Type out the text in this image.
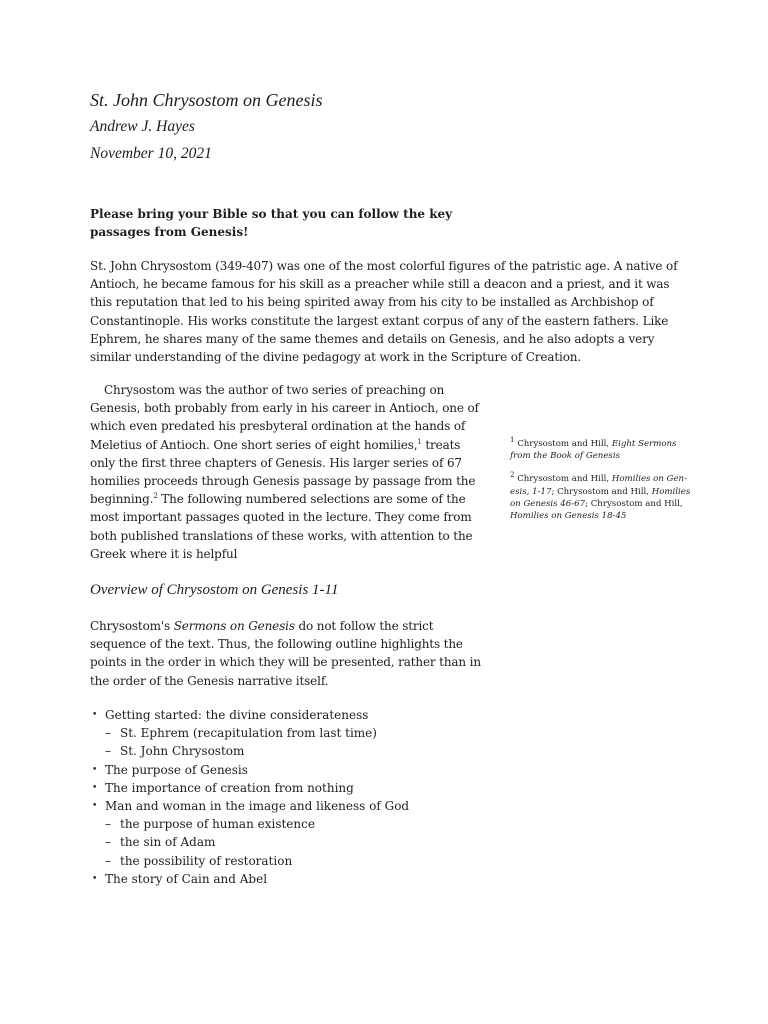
St. John Chrysostom on Genesis
Andrew J. Hayes
November 10, 2021
Please bring your Bible so that you can follow the key passages from Genesis!
St. John Chrysostom (349-407) was one of the most colorful figures of the patristic age. A native of Antioch, he became famous for his skill as a preacher while still a deacon and a priest, and it was this reputation that led to his being spirited away from his city to be installed as Archbishop of Constantinople. His works constitute the largest extant corpus of any of the eastern fathers. Like Ephrem, he shares many of the same themes and details on Genesis, and he also adopts a very similar understanding of the divine pedagogy at work in the Scripture of Creation.
Chrysostom was the author of two series of preaching on Genesis, both probably from early in his career in Antioch, one of which even predated his presbyteral ordination at the hands of Meletius of Antioch. One short series of eight homilies,$^1$ treats only the first three chapters of Genesis. His larger series of 67 homilies proceeds through Genesis passage by passage from the beginning.$^2$ The following numbered selections are some of the most important passages quoted in the lecture. They come from both published translations of these works, with attention to the Greek where it is helpful
$^1$ Chrysostom and Hill, Eight Sermons from the Book of Genesis
$^2$ Chrysostom and Hill, Homilies on Gen- esis, 1-17; Chrysostom and Hill, Homilies on Genesis 46-67; Chrysostom and Hill, Homilies on Genesis 18-45
Overview of Chrysostom on Genesis 1-11
Chrysostom's Sermons on Genesis do not follow the strict sequence of the text. Thus, the following outline highlights the points in the order in which they will be presented, rather than in the order of the Genesis narrative itself.
• Getting started: the divine considerateness
– St. Ephrem (recapitulation from last time)
– St. John Chrysostom
• The purpose of Genesis
• The importance of creation from nothing
• Man and woman in the image and likeness of God
– the purpose of human existence
– the sin of Adam
– the possibility of restoration
• The story of Cain and Abel
